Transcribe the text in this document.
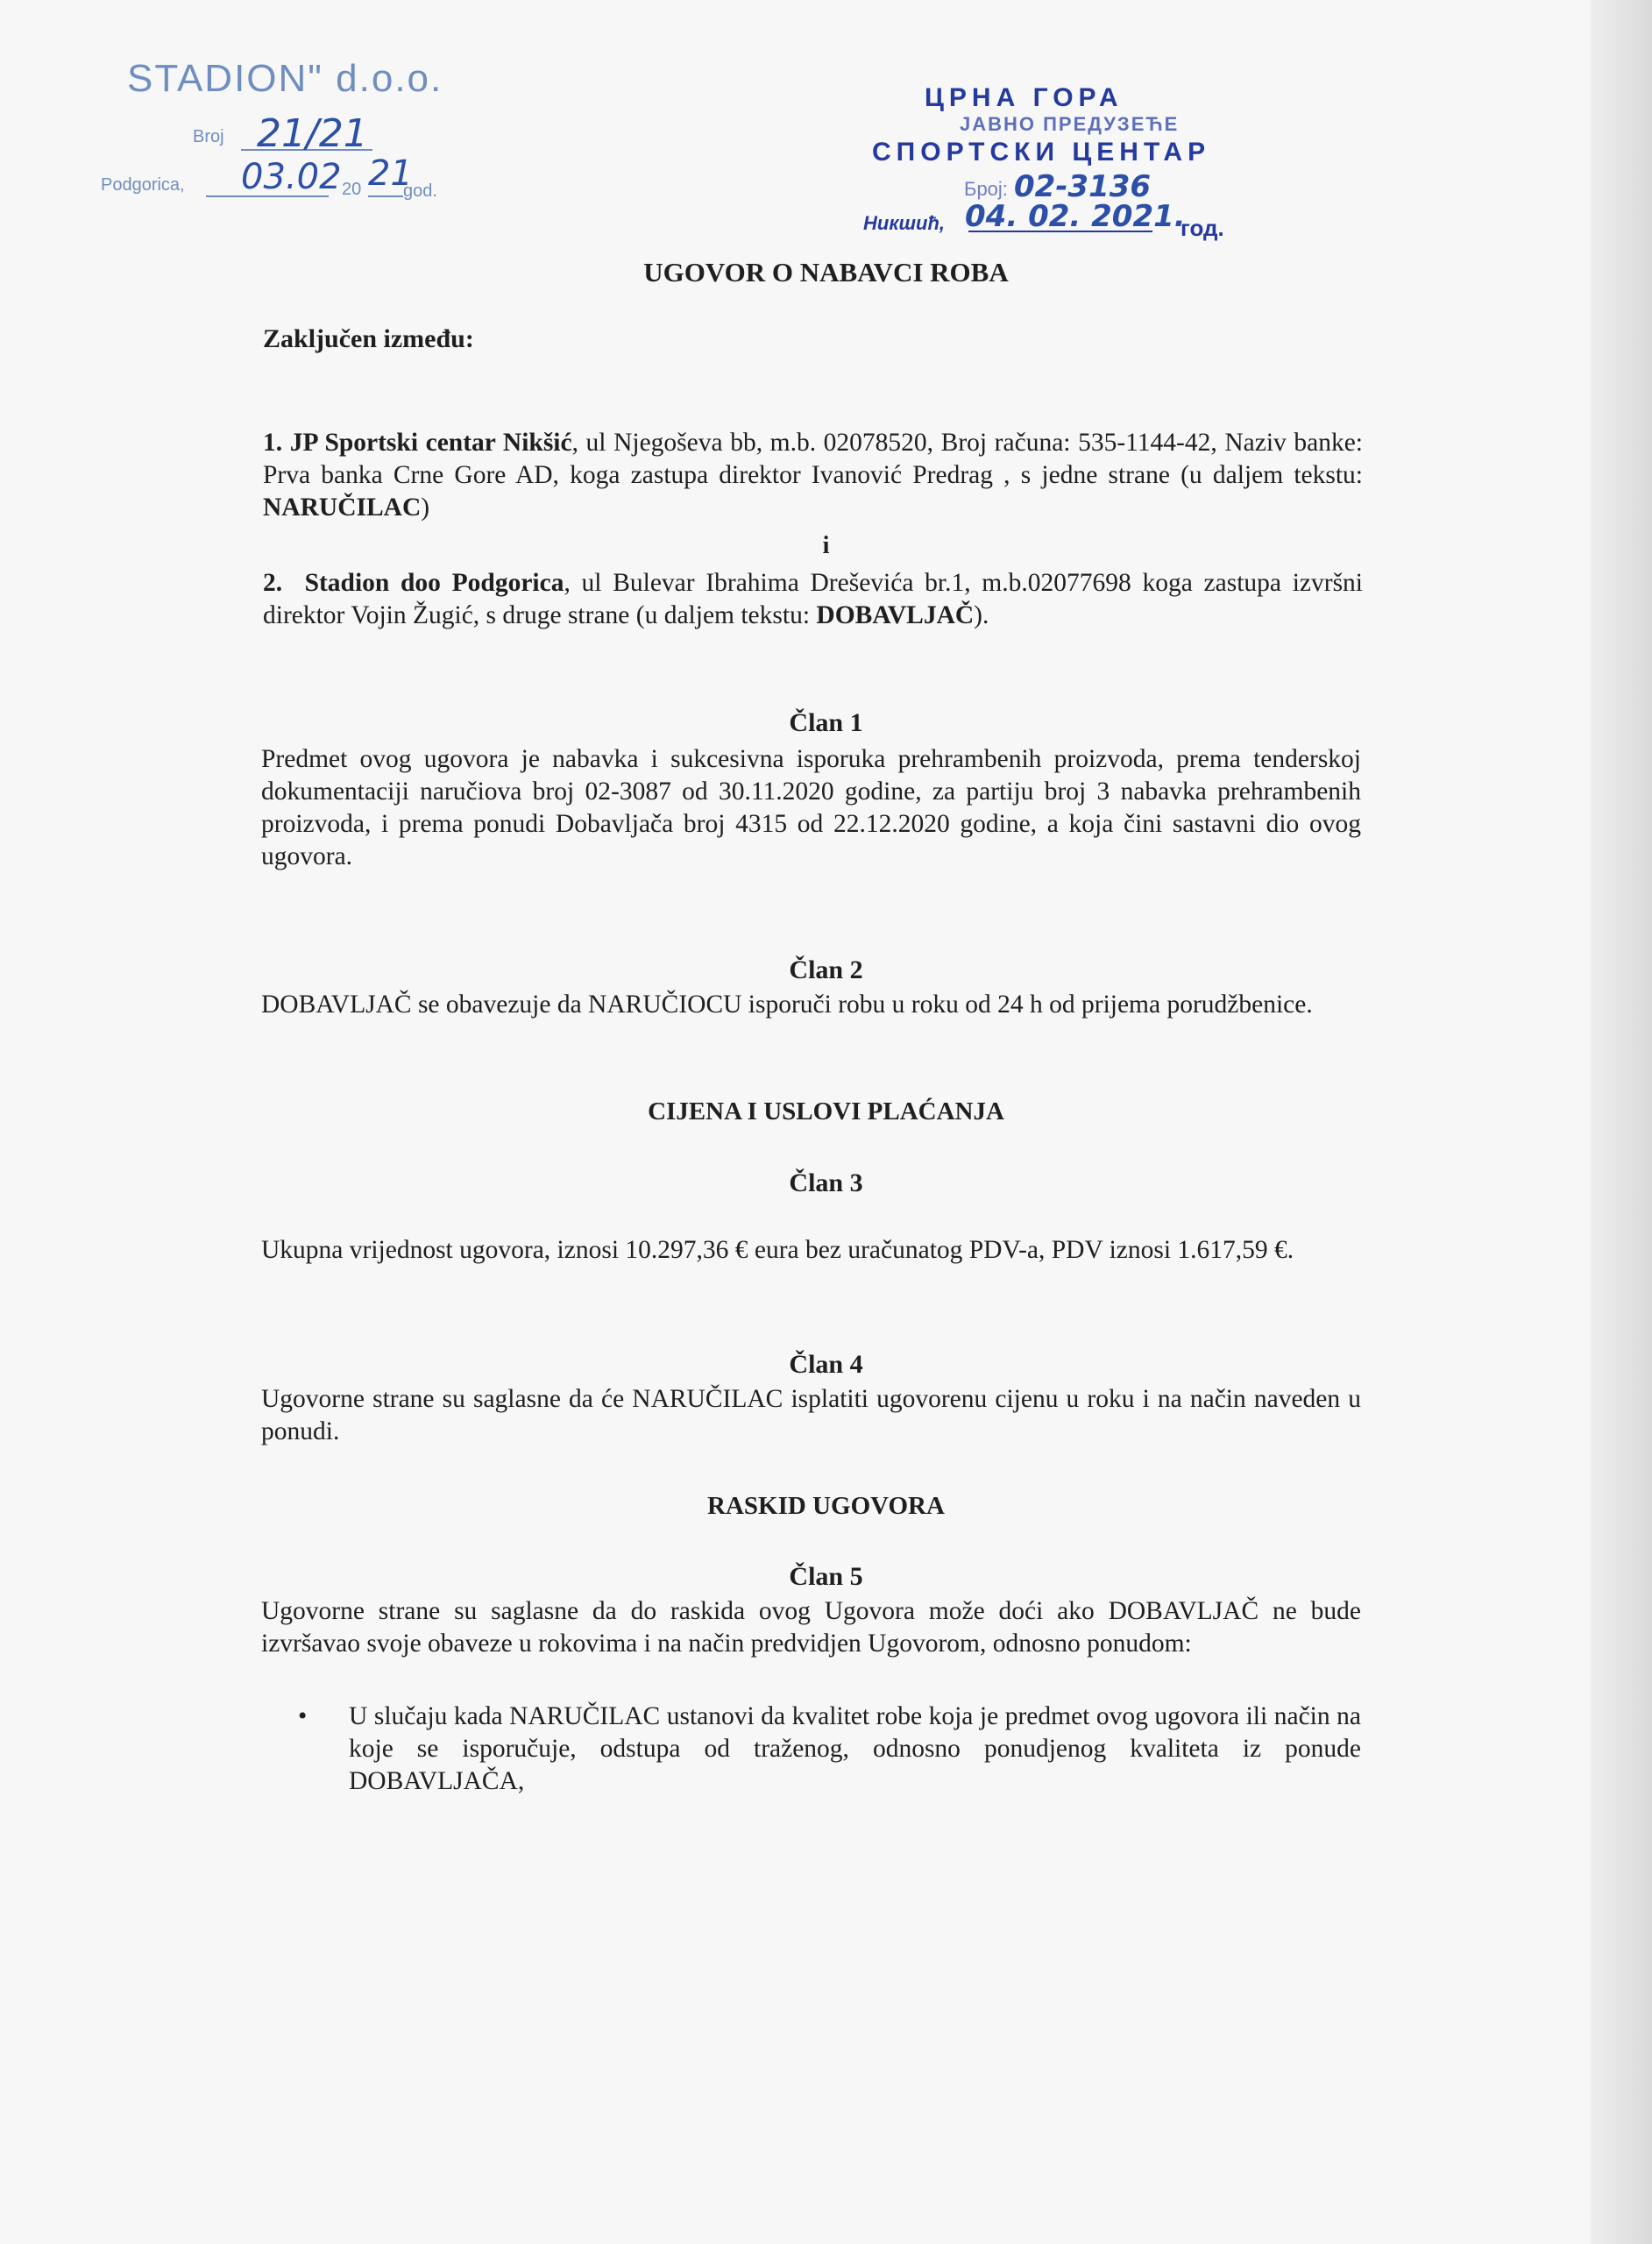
STADION" d.o.o.
Broj 21/21
Podgorica, 03.02 20 21
god.
ЦРНА ГОРА
ЈАВНО ПРЕДУЗЕЋЕ
СПОРТСКИ ЦЕНТАР
Број: 02-3136
Никшић, 04. 02. 2021.
год.
UGOVOR O NABAVCI ROBA
Zaključen između:
1. JP Sportski centar Nikšić, ul Njegoševa bb, m.b. 02078520, Broj računa: 535-1144-42, Naziv banke: Prva banka Crne Gore AD, koga zastupa direktor Ivanović Predrag , s jedne strane (u daljem tekstu: NARUČILAC)
i
2. Stadion doo Podgorica, ul Bulevar Ibrahima Dreševića br.1, m.b.02077698 koga zastupa izvršni direktor Vojin Žugić, s druge strane (u daljem tekstu: DOBAVLJAČ).
Član 1
Predmet ovog ugovora je nabavka i sukcesivna isporuka prehrambenih proizvoda, prema tenderskoj dokumentaciji naručiova broj 02-3087 od 30.11.2020 godine, za partiju broj 3 nabavka prehrambenih proizvoda, i prema ponudi Dobavljača broj 4315 od 22.12.2020 godine, a koja čini sastavni dio ovog ugovora.
Član 2
DOBAVLJAČ se obavezuje da NARUČIOCU isporuči robu u roku od 24 h od prijema porudžbenice.
CIJENA I USLOVI PLAĆANJA
Član 3
Ukupna vrijednost ugovora, iznosi 10.297,36 € eura bez uračunatog PDV-a, PDV iznosi 1.617,59 €.
Član 4
Ugovorne strane su saglasne da će NARUČILAC isplatiti ugovorenu cijenu u roku i na način naveden u ponudi.
RASKID UGOVORA
Član 5
Ugovorne strane su saglasne da do raskida ovog Ugovora može doći ako DOBAVLJAČ ne bude izvršavao svoje obaveze u rokovima i na način predvidjen Ugovorom, odnosno ponudom:
• U slučaju kada NARUČILAC ustanovi da kvalitet robe koja je predmet ovog ugovora ili način na koje se isporučuje, odstupa od traženog, odnosno ponudjenog kvaliteta iz ponude DOBAVLJAČA,
